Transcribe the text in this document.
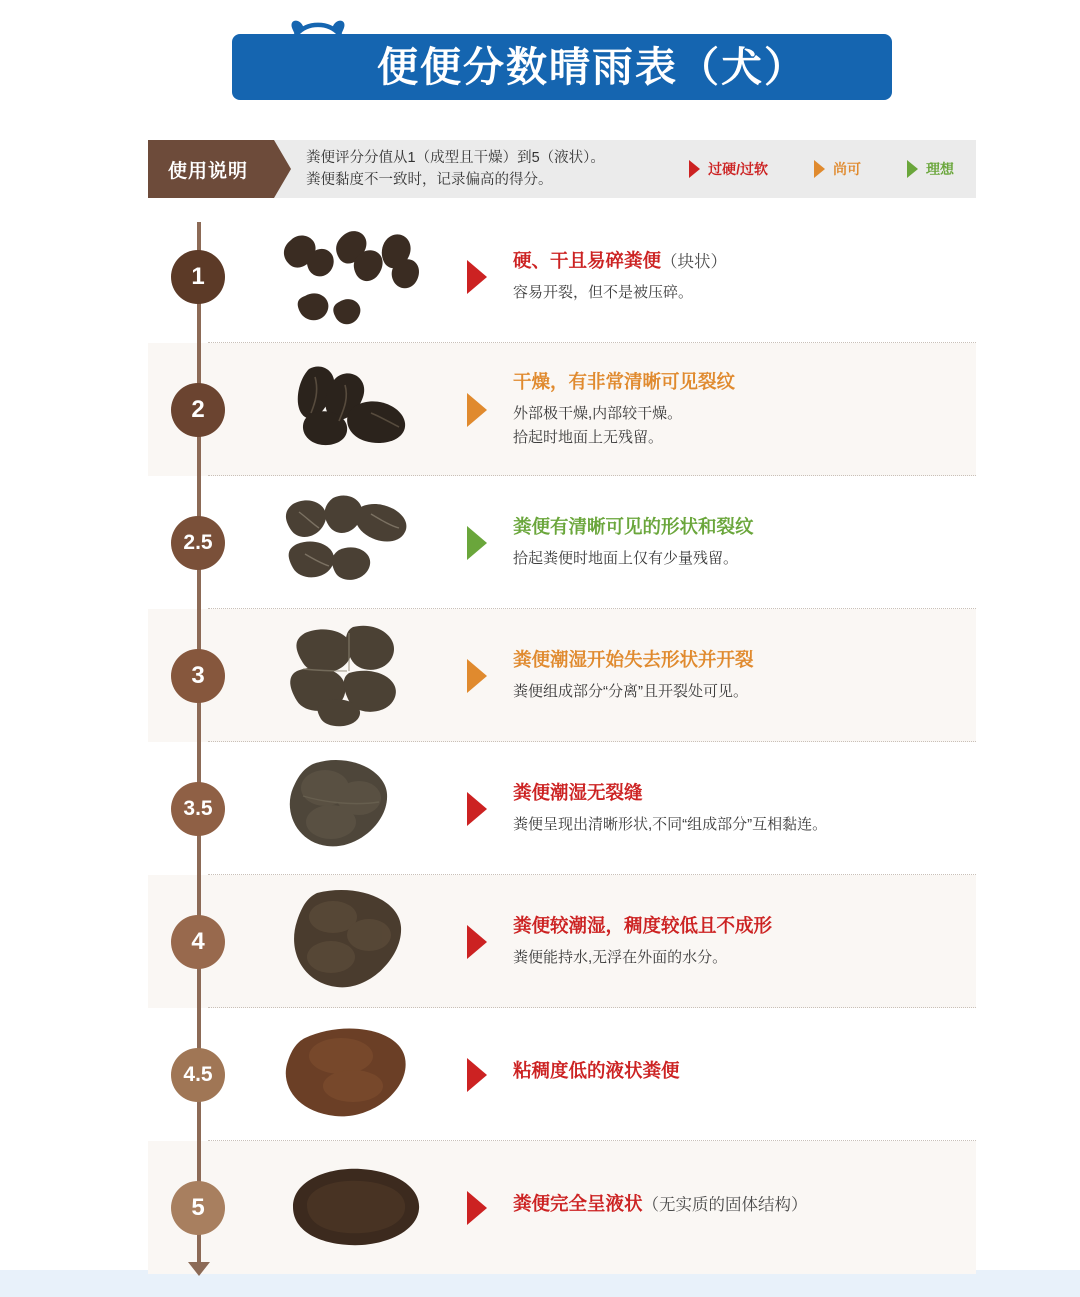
便便分数晴雨表（犬）
使用说明
粪便评分分值从1（成型且干燥）到5（液状）。
粪便黏度不一致时，记录偏高的得分。
过硬/过软	尚可	理想
1
硬、干且易碎粪便（块状）
容易开裂，但不是被压碎。
2
干燥，有非常清晰可见裂纹
外部极干燥,内部较干燥。
拾起时地面上无残留。
2.5
粪便有清晰可见的形状和裂纹
拾起粪便时地面上仅有少量残留。
3
粪便潮湿开始失去形状并开裂
粪便组成部分“分离”且开裂处可见。
3.5
粪便潮湿无裂缝
粪便呈现出清晰形状,不同“组成部分”互相黏连。
4
粪便较潮湿，稠度较低且不成形
粪便能持水,无浮在外面的水分。
4.5	粘稠度低的液状粪便
5	粪便完全呈液状（无实质的固体结构）
